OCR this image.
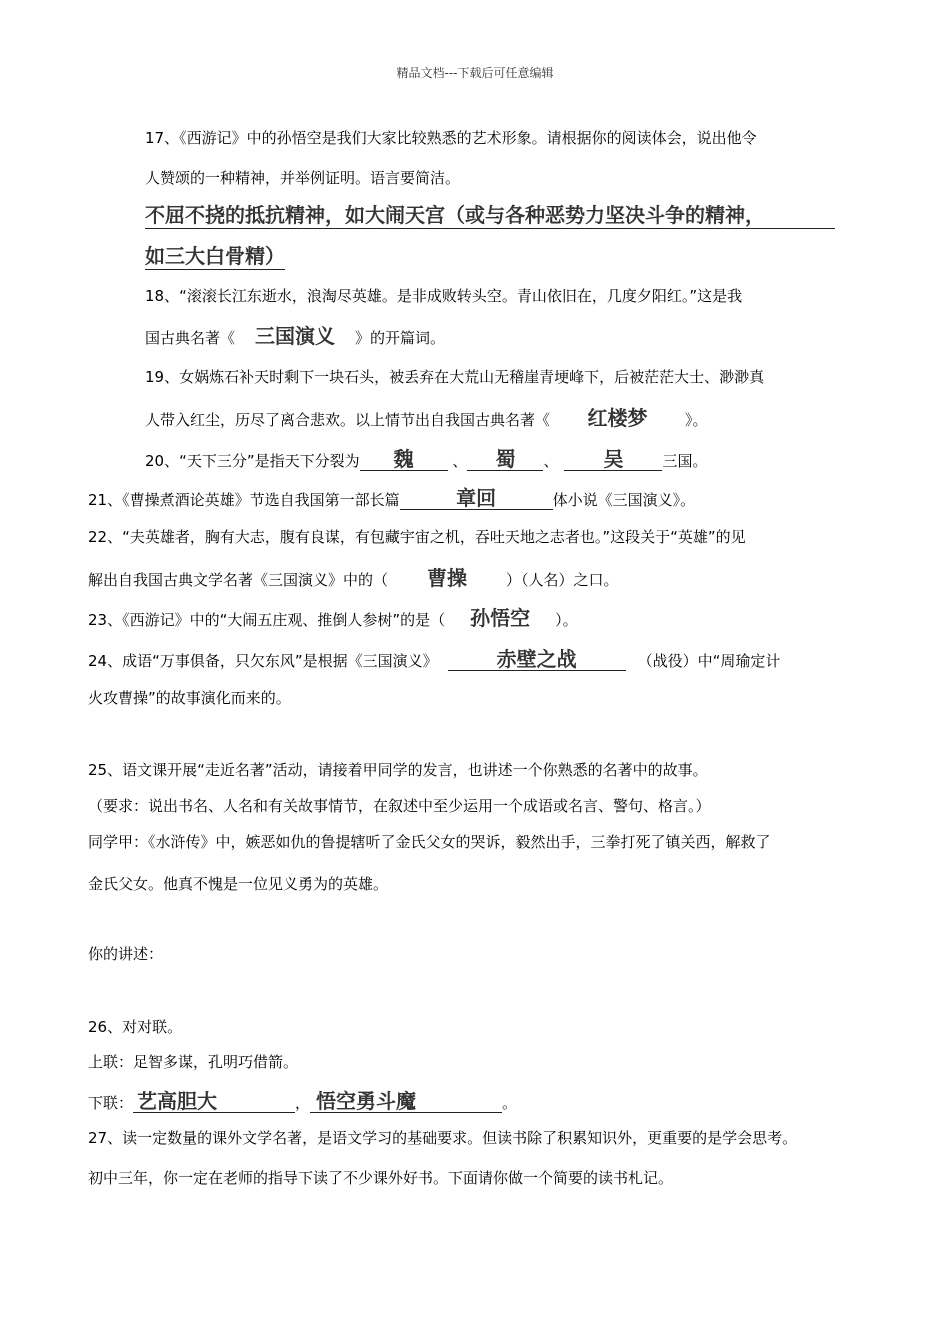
精品文档---下载后可任意编辑
17、《西游记》中的孙悟空是我们大家比较熟悉的艺术形象。请根据你的阅读体会，说出他令
人赞颂的一种精神，并举例证明。语言要简洁。
不屈不挠的抵抗精神，如大闹天宫（或与各种恶势力坚决斗争的精神，
如三大白骨精）
18、“滚滚长江东逝水，浪淘尽英雄。是非成败转头空。青山依旧在，几度夕阳红。”这是我
国古典名著《 三国演义 》的开篇词。
19、女娲炼石补天时剩下一块石头，被丢弃在大荒山无稽崖青埂峰下，后被茫茫大士、渺渺真
人带入红尘，历尽了离合悲欢。以上情节出自我国古典名著《 红楼梦	》。
20、“天下三分”是指天下分裂为 魏	、 蜀 、 吴	三国。
21、《曹操煮酒论英雄》节选自我国第一部长篇	章回	体小说《三国演义》。
22、“夫英雄者，胸有大志，腹有良谋，有包藏宇宙之机，吞吐天地之志者也。”这段关于“英雄”的见
解出自我国古典文学名著《三国演义》中的（ 曹操	）（人名）之口。
23、《西游记》中的“大闹五庄观、推倒人参树”的是（ 孙悟空 ）。
24、成语“万事俱备，只欠东风”是根据《三国演义》	赤壁之战	（战役）中“周瑜定计
火攻曹操”的故事演化而来的。
25、语文课开展“走近名著”活动，请接着甲同学的发言，也讲述一个你熟悉的名著中的故事。
（要求：说出书名、人名和有关故事情节，在叙述中至少运用一个成语或名言、警句、格言。）
同学甲：《水浒传》中，嫉恶如仇的鲁提辖听了金氏父女的哭诉，毅然出手，三拳打死了镇关西，解救了
金氏父女。他真不愧是一位见义勇为的英雄。
你的讲述：
26、对对联。
上联：足智多谋，孔明巧借箭。
下联： 艺高胆大	， 悟空勇斗魔	。
27、读一定数量的课外文学名著，是语文学习的基础要求。但读书除了积累知识外，更重要的是学会思考。
初中三年，你一定在老师的指导下读了不少课外好书。下面请你做一个简要的读书札记。
